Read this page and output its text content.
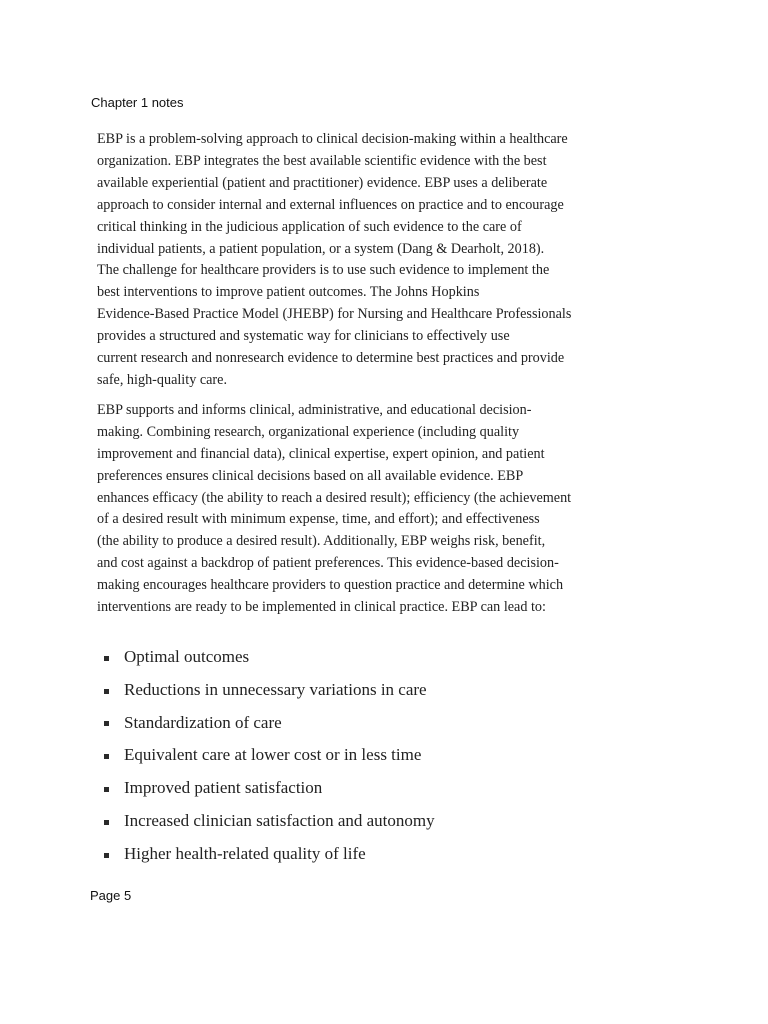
Chapter 1 notes

EBP is a problem-solving approach to clinical decision-making within a healthcare
organization. EBP integrates the best available scientific evidence with the best
available experiential (patient and practitioner) evidence. EBP uses a deliberate
approach to consider internal and external influences on practice and to encourage
critical thinking in the judicious application of such evidence to the care of
individual patients, a patient population, or a system (Dang & Dearholt, 2018).
The challenge for healthcare providers is to use such evidence to implement the
best interventions to improve patient outcomes. The Johns Hopkins
Evidence-Based Practice Model (JHEBP) for Nursing and Healthcare Professionals
provides a structured and systematic way for clinicians to effectively use
current research and nonresearch evidence to determine best practices and provide
safe, high-quality care.

EBP supports and informs clinical, administrative, and educational decision-
making. Combining research, organizational experience (including quality
improvement and financial data), clinical expertise, expert opinion, and patient
preferences ensures clinical decisions based on all available evidence. EBP
enhances efficacy (the ability to reach a desired result); efficiency (the achievement
of a desired result with minimum expense, time, and effort); and effectiveness
(the ability to produce a desired result). Additionally, EBP weighs risk, benefit,
and cost against a backdrop of patient preferences. This evidence-based decision-
making encourages healthcare providers to question practice and determine which
interventions are ready to be implemented in clinical practice. EBP can lead to:

Optimal outcomes
Reductions in unnecessary variations in care
Standardization of care
Equivalent care at lower cost or in less time
Improved patient satisfaction
Increased clinician satisfaction and autonomy
Higher health-related quality of life
Page 5
